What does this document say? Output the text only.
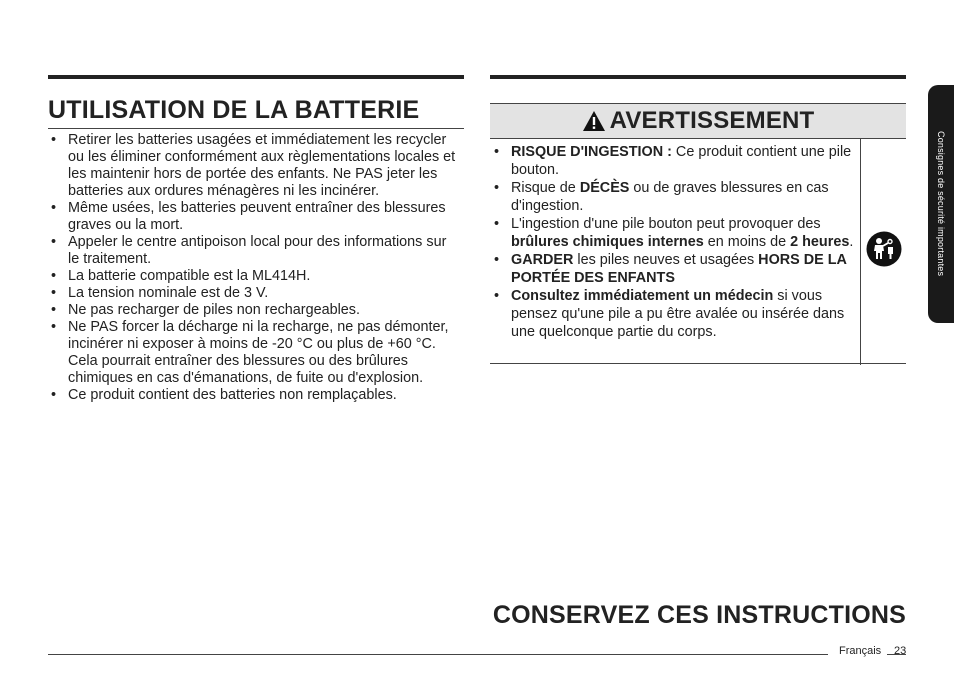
UTILISATION DE LA BATTERIE
• Retirer les batteries usagées et immédiatement les recycler ou les éliminer conformément aux règlementations locales et les maintenir hors de portée des enfants. Ne PAS jeter les batteries aux ordures ménagères ni les incinérer.
• Même usées, les batteries peuvent entraîner des blessures graves ou la mort.
• Appeler le centre antipoison local pour des informations sur le traitement.
• La batterie compatible est la ML414H.
• La tension nominale est de 3 V.
• Ne pas recharger de piles non rechargeables.
• Ne PAS forcer la décharge ni la recharge, ne pas démonter, incinérer ni exposer à moins de -20 °C ou plus de +60 °C. Cela pourrait entraîner des blessures ou des brûlures chimiques en cas d'émanations, de fuite ou d'explosion.
• Ce produit contient des batteries non remplaçables.
AVERTISSEMENT
• RISQUE D'INGESTION : Ce produit contient une pile bouton.
• Risque de DÉCÈS ou de graves blessures en cas d'ingestion.
• L'ingestion d'une pile bouton peut provoquer des brûlures chimiques internes en moins de 2 heures.
• GARDER les piles neuves et usagées HORS DE LA PORTÉE DES ENFANTS
• Consultez immédiatement un médecin si vous pensez qu'une pile a pu être avalée ou insérée dans une quelconque partie du corps.
Consignes de sécurité importantes
CONSERVEZ CES INSTRUCTIONS
Français 23
